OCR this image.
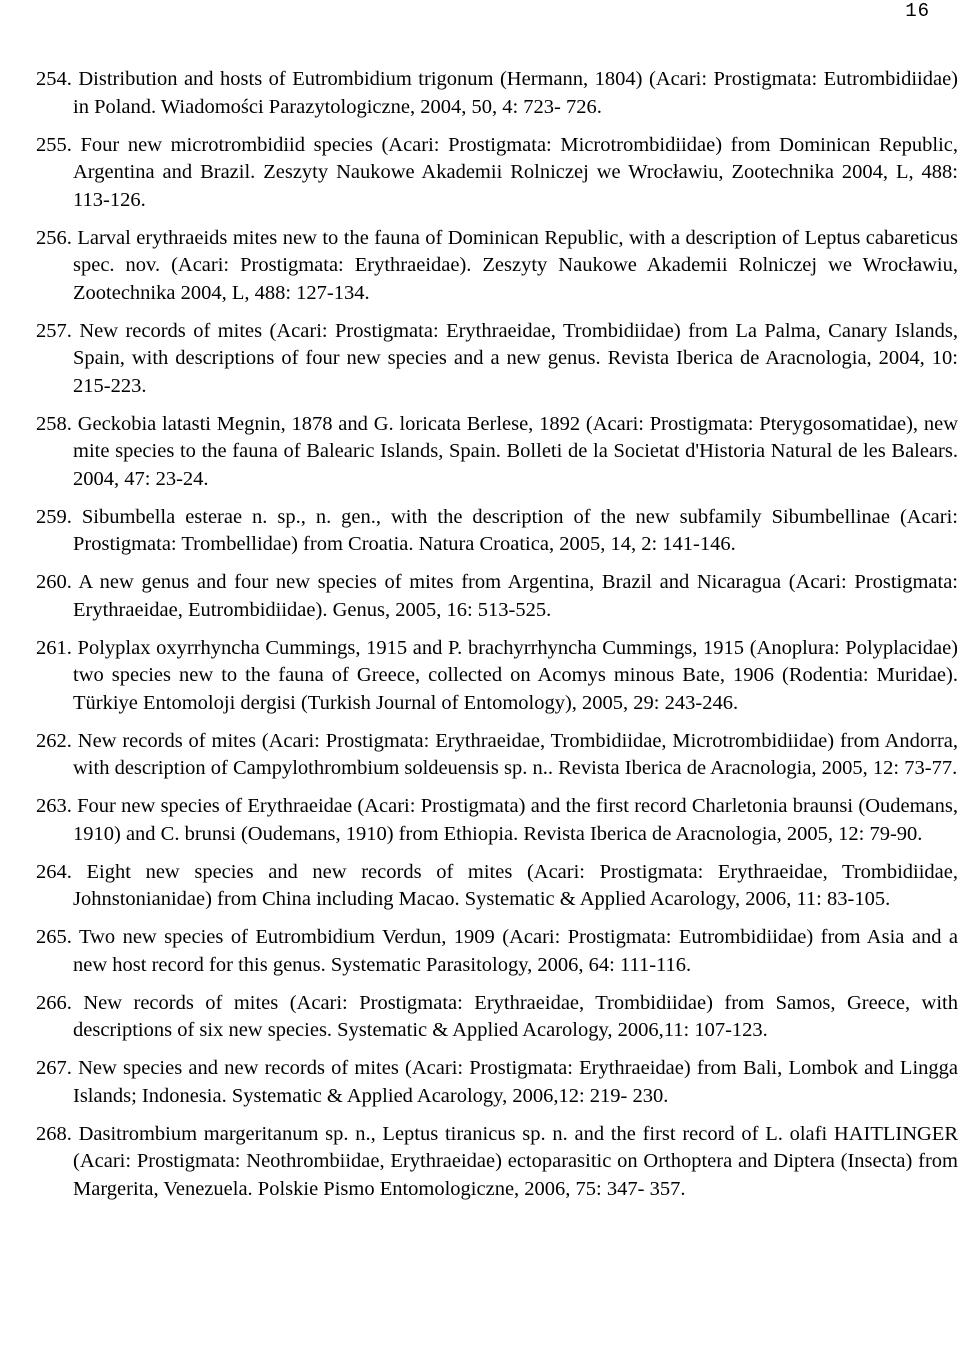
16
254. Distribution and hosts of Eutrombidium trigonum (Hermann, 1804) (Acari: Prostigmata: Eutrombidiidae) in Poland. Wiadomości Parazytologiczne, 2004, 50, 4: 723- 726.
255. Four new microtrombidiid species (Acari: Prostigmata: Microtrombidiidae) from Dominican Republic, Argentina and Brazil. Zeszyty Naukowe Akademii Rolniczej we Wrocławiu, Zootechnika 2004, L, 488: 113-126.
256. Larval erythraeids mites new to the fauna of Dominican Republic, with a description of Leptus cabareticus spec. nov. (Acari: Prostigmata: Erythraeidae). Zeszyty Naukowe Akademii Rolniczej we Wrocławiu, Zootechnika 2004, L, 488: 127-134.
257. New records of mites (Acari: Prostigmata: Erythraeidae, Trombidiidae) from La Palma, Canary Islands, Spain, with descriptions of four new species and a new genus. Revista Iberica de Aracnologia, 2004, 10: 215-223.
258. Geckobia latasti Megnin, 1878 and G. loricata Berlese, 1892 (Acari: Prostigmata: Pterygosomatidae), new mite species to the fauna of Balearic Islands, Spain. Bolleti de la Societat d'Historia Natural de les Balears. 2004, 47: 23-24.
259. Sibumbella esterae n. sp., n. gen., with the description of the new subfamily Sibumbellinae (Acari: Prostigmata: Trombellidae) from Croatia. Natura Croatica, 2005, 14, 2: 141-146.
260. A new genus and four new species of mites from Argentina, Brazil and Nicaragua (Acari: Prostigmata: Erythraeidae, Eutrombidiidae). Genus, 2005, 16: 513-525.
261. Polyplax oxyrrhyncha Cummings, 1915 and P. brachyrrhyncha Cummings, 1915 (Anoplura: Polyplacidae) two species new to the fauna of Greece, collected on Acomys minous Bate, 1906 (Rodentia: Muridae). Türkiye Entomoloji dergisi (Turkish Journal of Entomology), 2005, 29: 243-246.
262. New records of mites (Acari: Prostigmata: Erythraeidae, Trombidiidae, Microtrombidiidae) from Andorra, with description of Campylothrombium soldeuensis sp. n.. Revista Iberica de Aracnologia, 2005, 12: 73-77.
263. Four new species of Erythraeidae (Acari: Prostigmata) and the first record Charletonia braunsi (Oudemans, 1910) and C. brunsi (Oudemans, 1910) from Ethiopia. Revista Iberica de Aracnologia, 2005, 12: 79-90.
264. Eight new species and new records of mites (Acari: Prostigmata: Erythraeidae, Trombidiidae, Johnstonianidae) from China including Macao. Systematic & Applied Acarology, 2006, 11: 83-105.
265. Two new species of Eutrombidium Verdun, 1909 (Acari: Prostigmata: Eutrombidiidae) from Asia and a new host record for this genus. Systematic Parasitology, 2006, 64: 111-116.
266. New records of mites (Acari: Prostigmata: Erythraeidae, Trombidiidae) from Samos, Greece, with descriptions of six new species. Systematic & Applied Acarology, 2006,11: 107-123.
267. New species and new records of mites (Acari: Prostigmata: Erythraeidae) from Bali, Lombok and Lingga Islands; Indonesia. Systematic & Applied Acarology, 2006,12: 219- 230.
268. Dasitrombium margeritanum sp. n., Leptus tiranicus sp. n. and the first record of L. olafi HAITLINGER (Acari: Prostigmata: Neothrombiidae, Erythraeidae) ectoparasitic on Orthoptera and Diptera (Insecta) from Margerita, Venezuela. Polskie Pismo Entomologiczne, 2006, 75: 347- 357.
